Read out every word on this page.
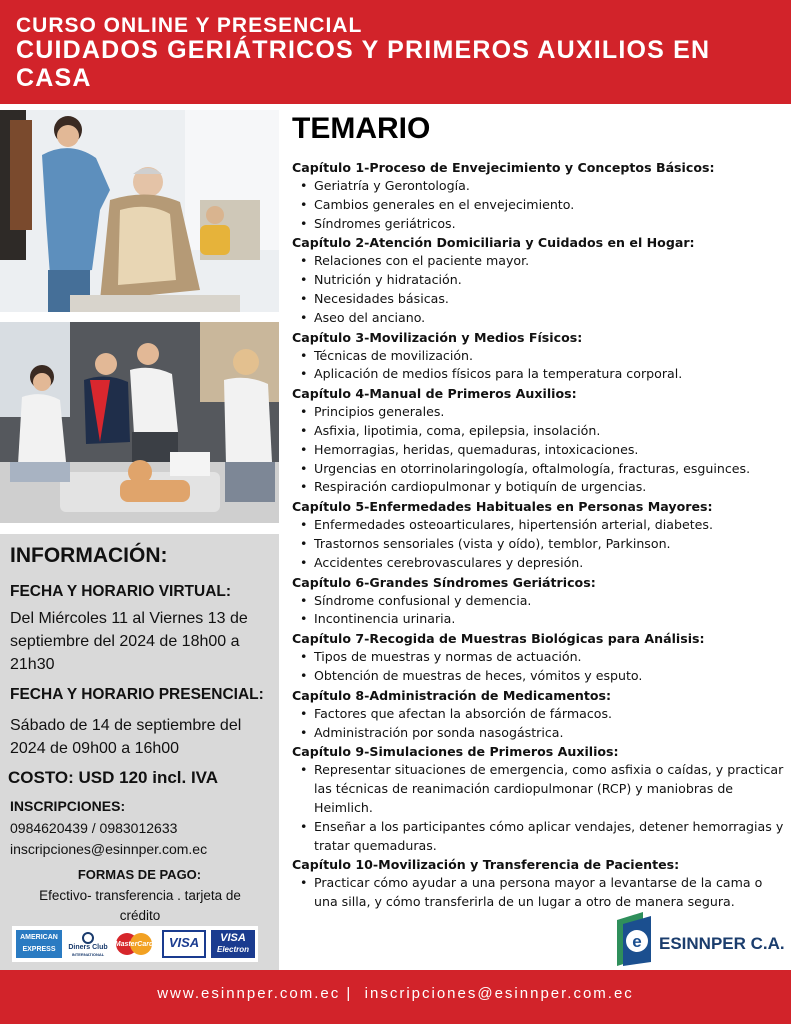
CURSO ONLINE Y PRESENCIAL
CUIDADOS GERIÁTRICOS Y PRIMEROS AUXILIOS EN CASA
INFORMACIÓN:
FECHA Y HORARIO VIRTUAL:
Del Miércoles 11 al Viernes 13 de septiembre del 2024 de 18h00 a 21h30
FECHA Y HORARIO PRESENCIAL:
Sábado de 14 de septiembre del 2024 de 09h00 a 16h00
COSTO: USD 120 incl. IVA
INSCRIPCIONES:
0984620439 / 0983012633
inscripciones@esinnper.com.ec
FORMAS DE PAGO:
Efectivo- transferencia . tarjeta de crédito
AMERICAN EXPRESS	Diners Club
INTERNATIONAL
MasterCard	VISA	VISA
Electron
TEMARIO
Capítulo 1-Proceso de Envejecimiento y Conceptos Básicos:
• Geriatría y Gerontología.
• Cambios generales en el envejecimiento.
• Síndromes geriátricos.
Capítulo 2-Atención Domiciliaria y Cuidados en el Hogar:
• Relaciones con el paciente mayor.
• Nutrición y hidratación.
• Necesidades básicas.
• Aseo del anciano.
Capítulo 3-Movilización y Medios Físicos:
• Técnicas de movilización.
• Aplicación de medios físicos para la temperatura corporal.
Capítulo 4-Manual de Primeros Auxilios:
• Principios generales.
• Asfixia, lipotimia, coma, epilepsia, insolación.
• Hemorragias, heridas, quemaduras, intoxicaciones.
• Urgencias en otorrinolaringología, oftalmología, fracturas, esguinces.
• Respiración cardiopulmonar y botiquín de urgencias.
Capítulo 5-Enfermedades Habituales en Personas Mayores:
• Enfermedades osteoarticulares, hipertensión arterial, diabetes.
• Trastornos sensoriales (vista y oído), temblor, Parkinson.
• Accidentes cerebrovasculares y depresión.
Capítulo 6-Grandes Síndromes Geriátricos:
• Síndrome confusional y demencia.
• Incontinencia urinaria.
Capítulo 7-Recogida de Muestras Biológicas para Análisis:
• Tipos de muestras y normas de actuación.
• Obtención de muestras de heces, vómitos y esputo.
Capítulo 8-Administración de Medicamentos:
• Factores que afectan la absorción de fármacos.
• Administración por sonda nasogástrica.
Capítulo 9-Simulaciones de Primeros Auxilios:
• Representar situaciones de emergencia, como asfixia o caídas, y practicar las técnicas de reanimación cardiopulmonar (RCP) y maniobras de Heimlich.
• Enseñar a los participantes cómo aplicar vendajes, detener hemorragias y tratar quemaduras.
Capítulo 10-Movilización y Transferencia de Pacientes:
• Practicar cómo ayudar a una persona mayor a levantarse de la cama o una silla, y cómo transferirla de un lugar a otro de manera segura.
e ESINNPER C.A.
www.esinnper.com.ec |  inscripciones@esinnper.com.ec
